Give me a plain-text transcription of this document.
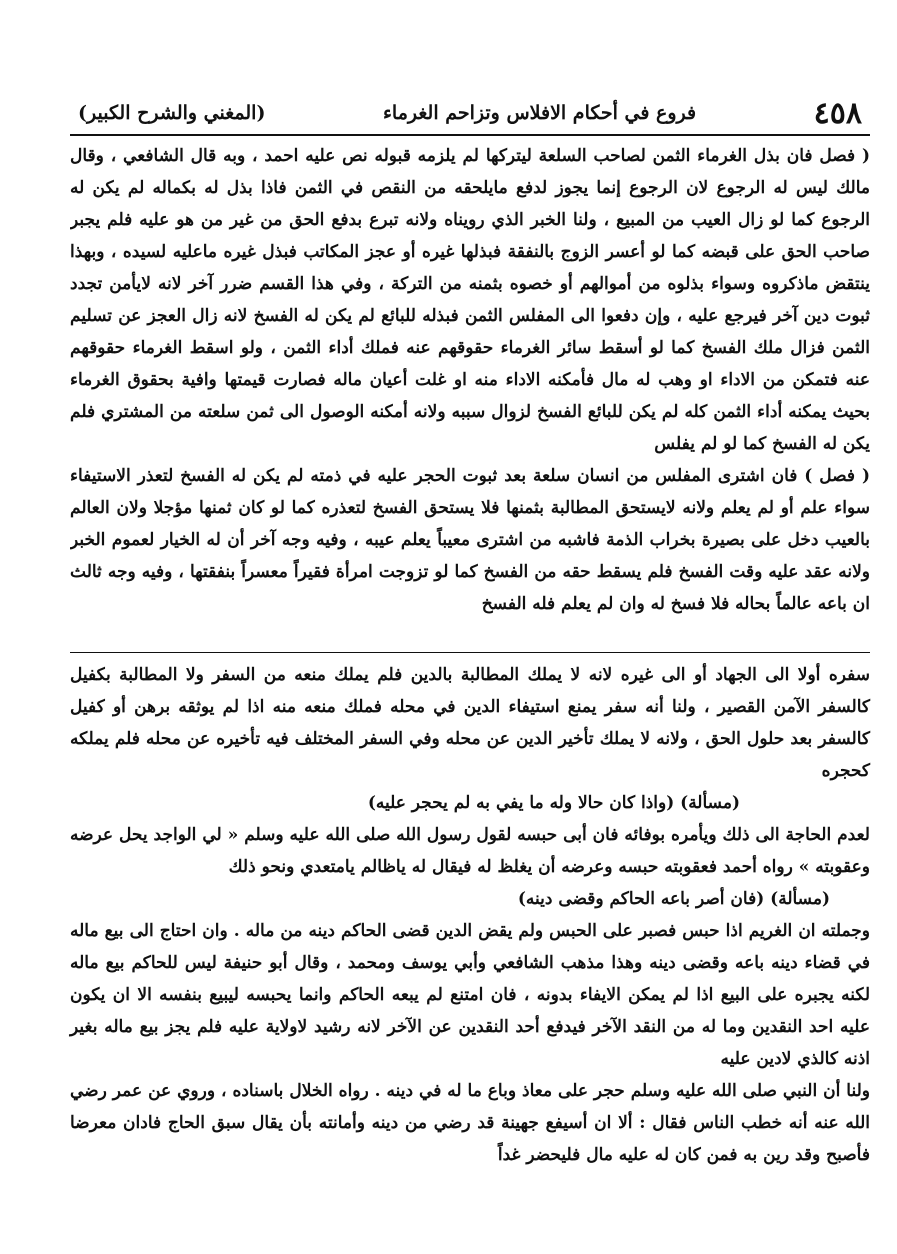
٤٥٨
فروع في أحكام الافلاس وتزاحم الغرماء
(المغني والشرح الكبير)

( فصل فان بذل الغرماء الثمن لصاحب السلعة ليتركها لم يلزمه قبوله نص عليه احمد ، وبه قال الشافعي ، وقال مالك ليس له الرجوع لان الرجوع إنما يجوز لدفع مايلحقه من النقص في الثمن فاذا بذل له بكماله لم يكن له الرجوع كما لو زال العيب من المبيع ، ولنا الخبر الذي رويناه ولانه تبرع بدفع الحق من غير من هو عليه فلم يجبر صاحب الحق على قبضه كما لو أعسر الزوج بالنفقة فبذلها غيره أو عجز المكاتب فبذل غيره ماعليه لسيده ، وبهذا ينتقض ماذكروه وسواء بذلوه من أموالهم أو خصوه بثمنه من التركة ، وفي هذا القسم ضرر آخر لانه لايأمن تجدد ثبوت دين آخر فيرجع عليه ، وإن دفعوا الى المفلس الثمن فبذله للبائع لم يكن له الفسخ لانه زال العجز عن تسليم الثمن فزال ملك الفسخ كما لو أسقط سائر الغرماء حقوقهم عنه فملك أداء الثمن ، ولو اسقط الغرماء حقوقهم عنه فتمكن من الاداء او وهب له مال فأمكنه الاداء منه او غلت أعيان ماله فصارت قيمتها وافية بحقوق الغرماء بحيث يمكنه أداء الثمن كله لم يكن للبائع الفسخ لزوال سببه ولانه أمكنه الوصول الى ثمن سلعته من المشتري فلم يكن له الفسخ كما لو لم يفلس

( فصل ) فان اشترى المفلس من انسان سلعة بعد ثبوت الحجر عليه في ذمته لم يكن له الفسخ لتعذر الاستيفاء سواء علم أو لم يعلم ولانه لايستحق المطالبة بثمنها فلا يستحق الفسخ لتعذره كما لو كان ثمنها مؤجلا ولان العالم بالعيب دخل على بصيرة بخراب الذمة فاشبه من اشترى معيباً يعلم عيبه ، وفيه وجه آخر أن له الخيار لعموم الخبر ولانه عقد عليه وقت الفسخ فلم يسقط حقه من الفسخ كما لو تزوجت امرأة فقيراً معسراً بنفقتها ، وفيه وجه ثالث ان باعه عالماً بحاله فلا فسخ له وان لم يعلم فله الفسخ

سفره أولا الى الجهاد أو الى غيره لانه لا يملك المطالبة بالدين فلم يملك منعه من السفر ولا المطالبة بكفيل كالسفر الآمن القصير ، ولنا أنه سفر يمنع استيفاء الدين في محله فملك منعه منه اذا لم يوثقه برهن أو كفيل كالسفر بعد حلول الحق ، ولانه لا يملك تأخير الدين عن محله وفي السفر المختلف فيه تأخيره عن محله فلم يملكه كحجره

(مسألة) (واذا كان حالا وله ما يفي به لم يحجر عليه)

لعدم الحاجة الى ذلك ويأمره بوفائه فان أبى حبسه لقول رسول الله صلى الله عليه وسلم « لي الواجد يحل عرضه وعقوبته » رواه أحمد فعقوبته حبسه وعرضه أن يغلظ له فيقال له ياظالم يامتعدي ونحو ذلك

(مسألة) (فان أصر باعه الحاكم وقضى دينه)

وجملته ان الغريم اذا حبس فصبر على الحبس ولم يقض الدين قضى الحاكم دينه من ماله . وان احتاج الى بيع ماله في قضاء دينه باعه وقضى دينه وهذا مذهب الشافعي وأبي يوسف ومحمد ، وقال أبو حنيفة ليس للحاكم بيع ماله لكنه يجبره على البيع اذا لم يمكن الايفاء بدونه ، فان امتنع لم يبعه الحاكم وانما يحبسه ليبيع بنفسه الا ان يكون عليه احد النقدين وما له من النقد الآخر فيدفع أحد النقدين عن الآخر لانه رشيد لاولاية عليه فلم يجز بيع ماله بغير اذنه كالذي لادين عليه

ولنا أن النبي صلى الله عليه وسلم حجر على معاذ وباع ما له في دينه . رواه الخلال باسناده ، وروي عن عمر رضي الله عنه أنه خطب الناس فقال : ألا ان أسيفع جهينة قد رضي من دينه وأمانته بأن يقال سبق الحاج فادان معرضا فأصبح وقد رين به فمن كان له عليه مال فليحضر غداً
